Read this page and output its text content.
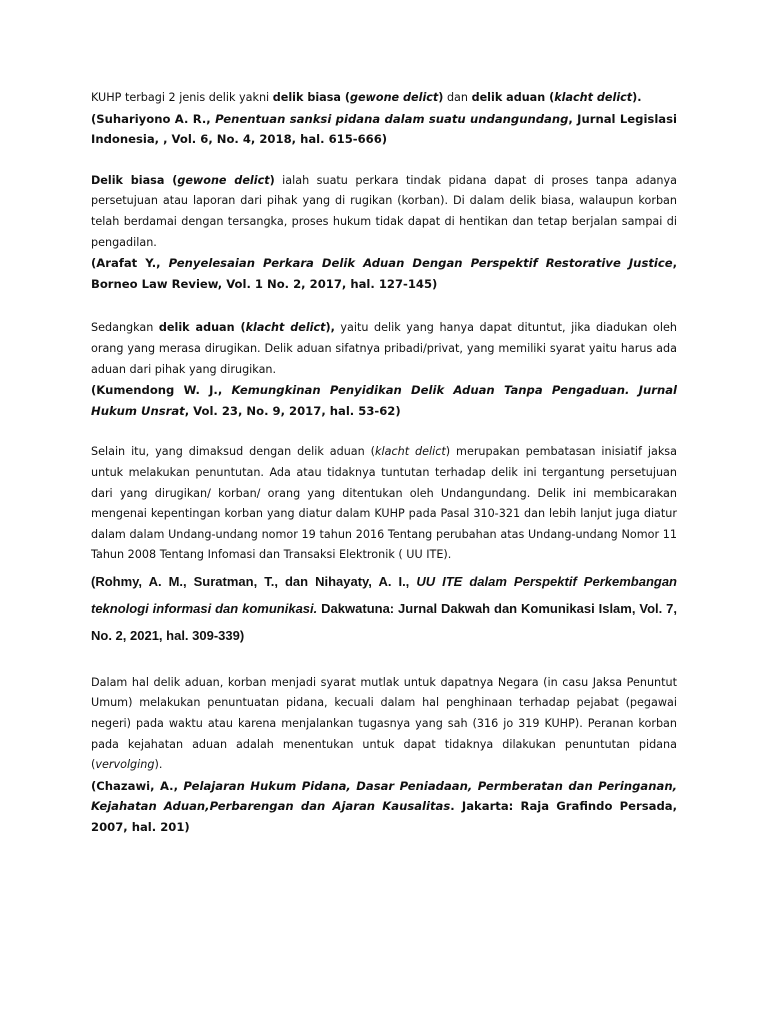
KUHP terbagi 2 jenis delik yakni delik biasa (gewone delict) dan delik aduan (klacht delict).

(Suhariyono A. R., Penentuan sanksi pidana dalam suatu undangundang, Jurnal Legislasi Indonesia, , Vol. 6, No. 4, 2018, hal. 615-666)

Delik biasa (gewone delict) ialah suatu perkara tindak pidana dapat di proses tanpa adanya persetujuan atau laporan dari pihak yang di rugikan (korban). Di dalam delik biasa, walaupun korban telah berdamai dengan tersangka, proses hukum tidak dapat di hentikan dan tetap berjalan sampai di pengadilan.

(Arafat Y., Penyelesaian Perkara Delik Aduan Dengan Perspektif Restorative Justice, Borneo Law Review, Vol. 1 No. 2, 2017, hal. 127-145)

Sedangkan delik aduan (klacht delict), yaitu delik yang hanya dapat dituntut, jika diadukan oleh orang yang merasa dirugikan. Delik aduan sifatnya pribadi/privat, yang memiliki syarat yaitu harus ada aduan dari pihak yang dirugikan.

(Kumendong W. J., Kemungkinan Penyidikan Delik Aduan Tanpa Pengaduan. Jurnal Hukum Unsrat, Vol. 23, No. 9, 2017, hal. 53-62)

Selain itu, yang dimaksud dengan delik aduan (klacht delict) merupakan pembatasan inisiatif jaksa untuk melakukan penuntutan. Ada atau tidaknya tuntutan terhadap delik ini tergantung persetujuan dari yang dirugikan/ korban/ orang yang ditentukan oleh Undangundang. Delik ini membicarakan mengenai kepentingan korban yang diatur dalam KUHP pada Pasal 310-321 dan lebih lanjut juga diatur dalam dalam Undang-undang nomor 19 tahun 2016 Tentang perubahan atas Undang-undang Nomor 11 Tahun 2008 Tentang Infomasi dan Transaksi Elektronik ( UU ITE).

(Rohmy, A. M., Suratman, T., dan Nihayaty, A. I., UU ITE dalam Perspektif Perkembangan teknologi informasi dan komunikasi. Dakwatuna: Jurnal Dakwah dan Komunikasi Islam, Vol. 7, No. 2, 2021, hal. 309-339)

Dalam hal delik aduan, korban menjadi syarat mutlak untuk dapatnya Negara (in casu Jaksa Penuntut Umum) melakukan penuntuatan pidana, kecuali dalam hal penghinaan terhadap pejabat (pegawai negeri) pada waktu atau karena menjalankan tugasnya yang sah (316 jo 319 KUHP). Peranan korban pada kejahatan aduan adalah menentukan untuk dapat tidaknya dilakukan penuntutan pidana (vervolging).

(Chazawi, A., Pelajaran Hukum Pidana, Dasar Peniadaan, Permberatan dan Peringanan, Kejahatan Aduan,Perbarengan dan Ajaran Kausalitas. Jakarta: Raja Grafindo Persada, 2007, hal. 201)
